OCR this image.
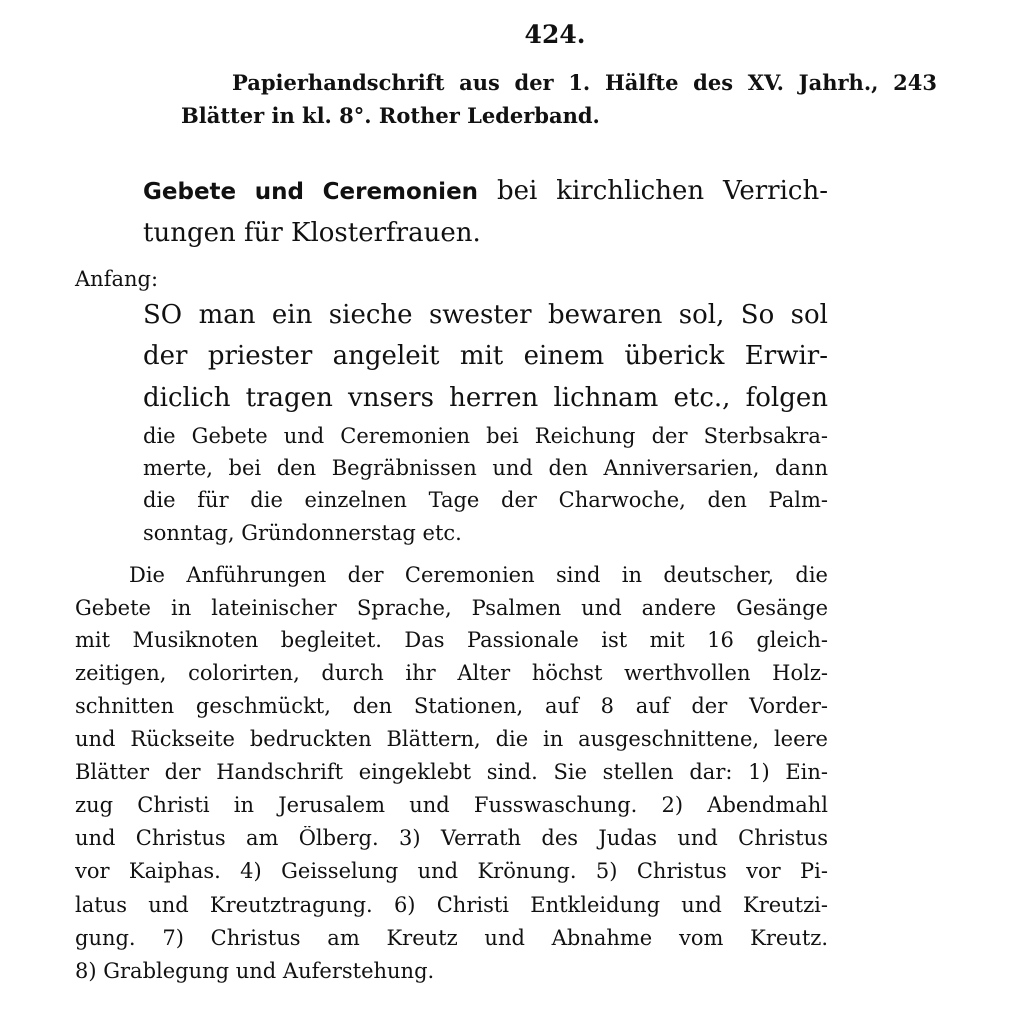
424.
Papierhandschrift aus der 1. Hälfte des XV. Jahrh., 243
Blätter in kl. 8°. Rother Lederband.
Gebete und Ceremonien bei kirchlichen Verrich-
tungen für Klosterfrauen.
Anfang:
SO man ein sieche swester bewaren sol, So sol
der priester angeleit mit einem überick Erwir-
diclich tragen vnsers herren lichnam etc., folgen
die Gebete und Ceremonien bei Reichung der Sterbsakra-
merte, bei den Begräbnissen und den Anniversarien, dann
die für die einzelnen Tage der Charwoche, den Palm-
sonntag, Gründonnerstag etc.
Die Anführungen der Ceremonien sind in deutscher, die
Gebete in lateinischer Sprache, Psalmen und andere Gesänge
mit Musiknoten begleitet. Das Passionale ist mit 16 gleich-
zeitigen, colorirten, durch ihr Alter höchst werthvollen Holz-
schnitten geschmückt, den Stationen, auf 8 auf der Vorder-
und Rückseite bedruckten Blättern, die in ausgeschnittene, leere
Blätter der Handschrift eingeklebt sind. Sie stellen dar: 1) Ein-
zug Christi in Jerusalem und Fusswaschung. 2) Abendmahl
und Christus am Ölberg. 3) Verrath des Judas und Christus
vor Kaiphas. 4) Geisselung und Krönung. 5) Christus vor Pi-
latus und Kreutztragung. 6) Christi Entkleidung und Kreutzi-
gung. 7) Christus am Kreutz und Abnahme vom Kreutz.
8) Grablegung und Auferstehung.
